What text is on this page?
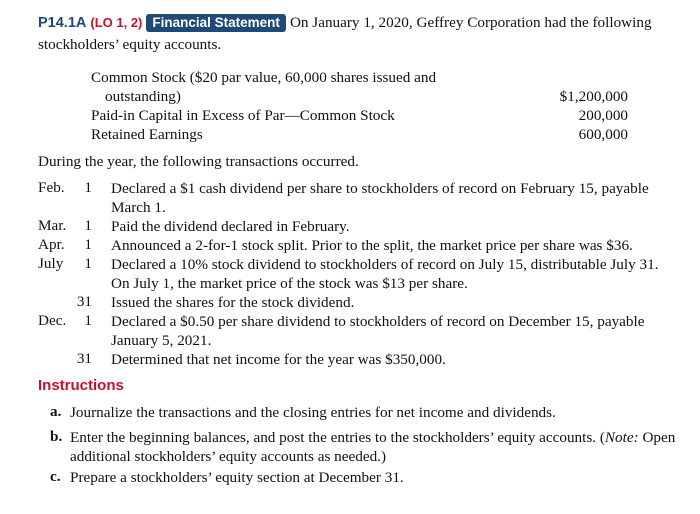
P14.1A (LO 1, 2) Financial Statement On January 1, 2020, Geffrey Corporation had the following stockholders’ equity accounts.
Common Stock ($20 par value, 60,000 shares issued and
outstanding)	$1,200,000
Paid-in Capital in Excess of Par—Common Stock	200,000
Retained Earnings	600,000
During the year, the following transactions occurred.
Feb. 1 Declared a $1 cash dividend per share to stockholders of record on February 15, payable
March 1.
Mar. 1 Paid the dividend declared in February.
Apr. 1 Announced a 2-for-1 stock split. Prior to the split, the market price per share was $36.
July 1 Declared a 10% stock dividend to stockholders of record on July 15, distributable July 31.
On July 1, the market price of the stock was $13 per share.
31 Issued the shares for the stock dividend.
Dec. 1 Declared a $0.50 per share dividend to stockholders of record on December 15, payable
January 5, 2021.
31 Determined that net income for the year was $350,000.
Instructions
a. Journalize the transactions and the closing entries for net income and dividends.
b. Enter the beginning balances, and post the entries to the stockholders’ equity accounts. (Note: Open
additional stockholders’ equity accounts as needed.)
c. Prepare a stockholders’ equity section at December 31.
